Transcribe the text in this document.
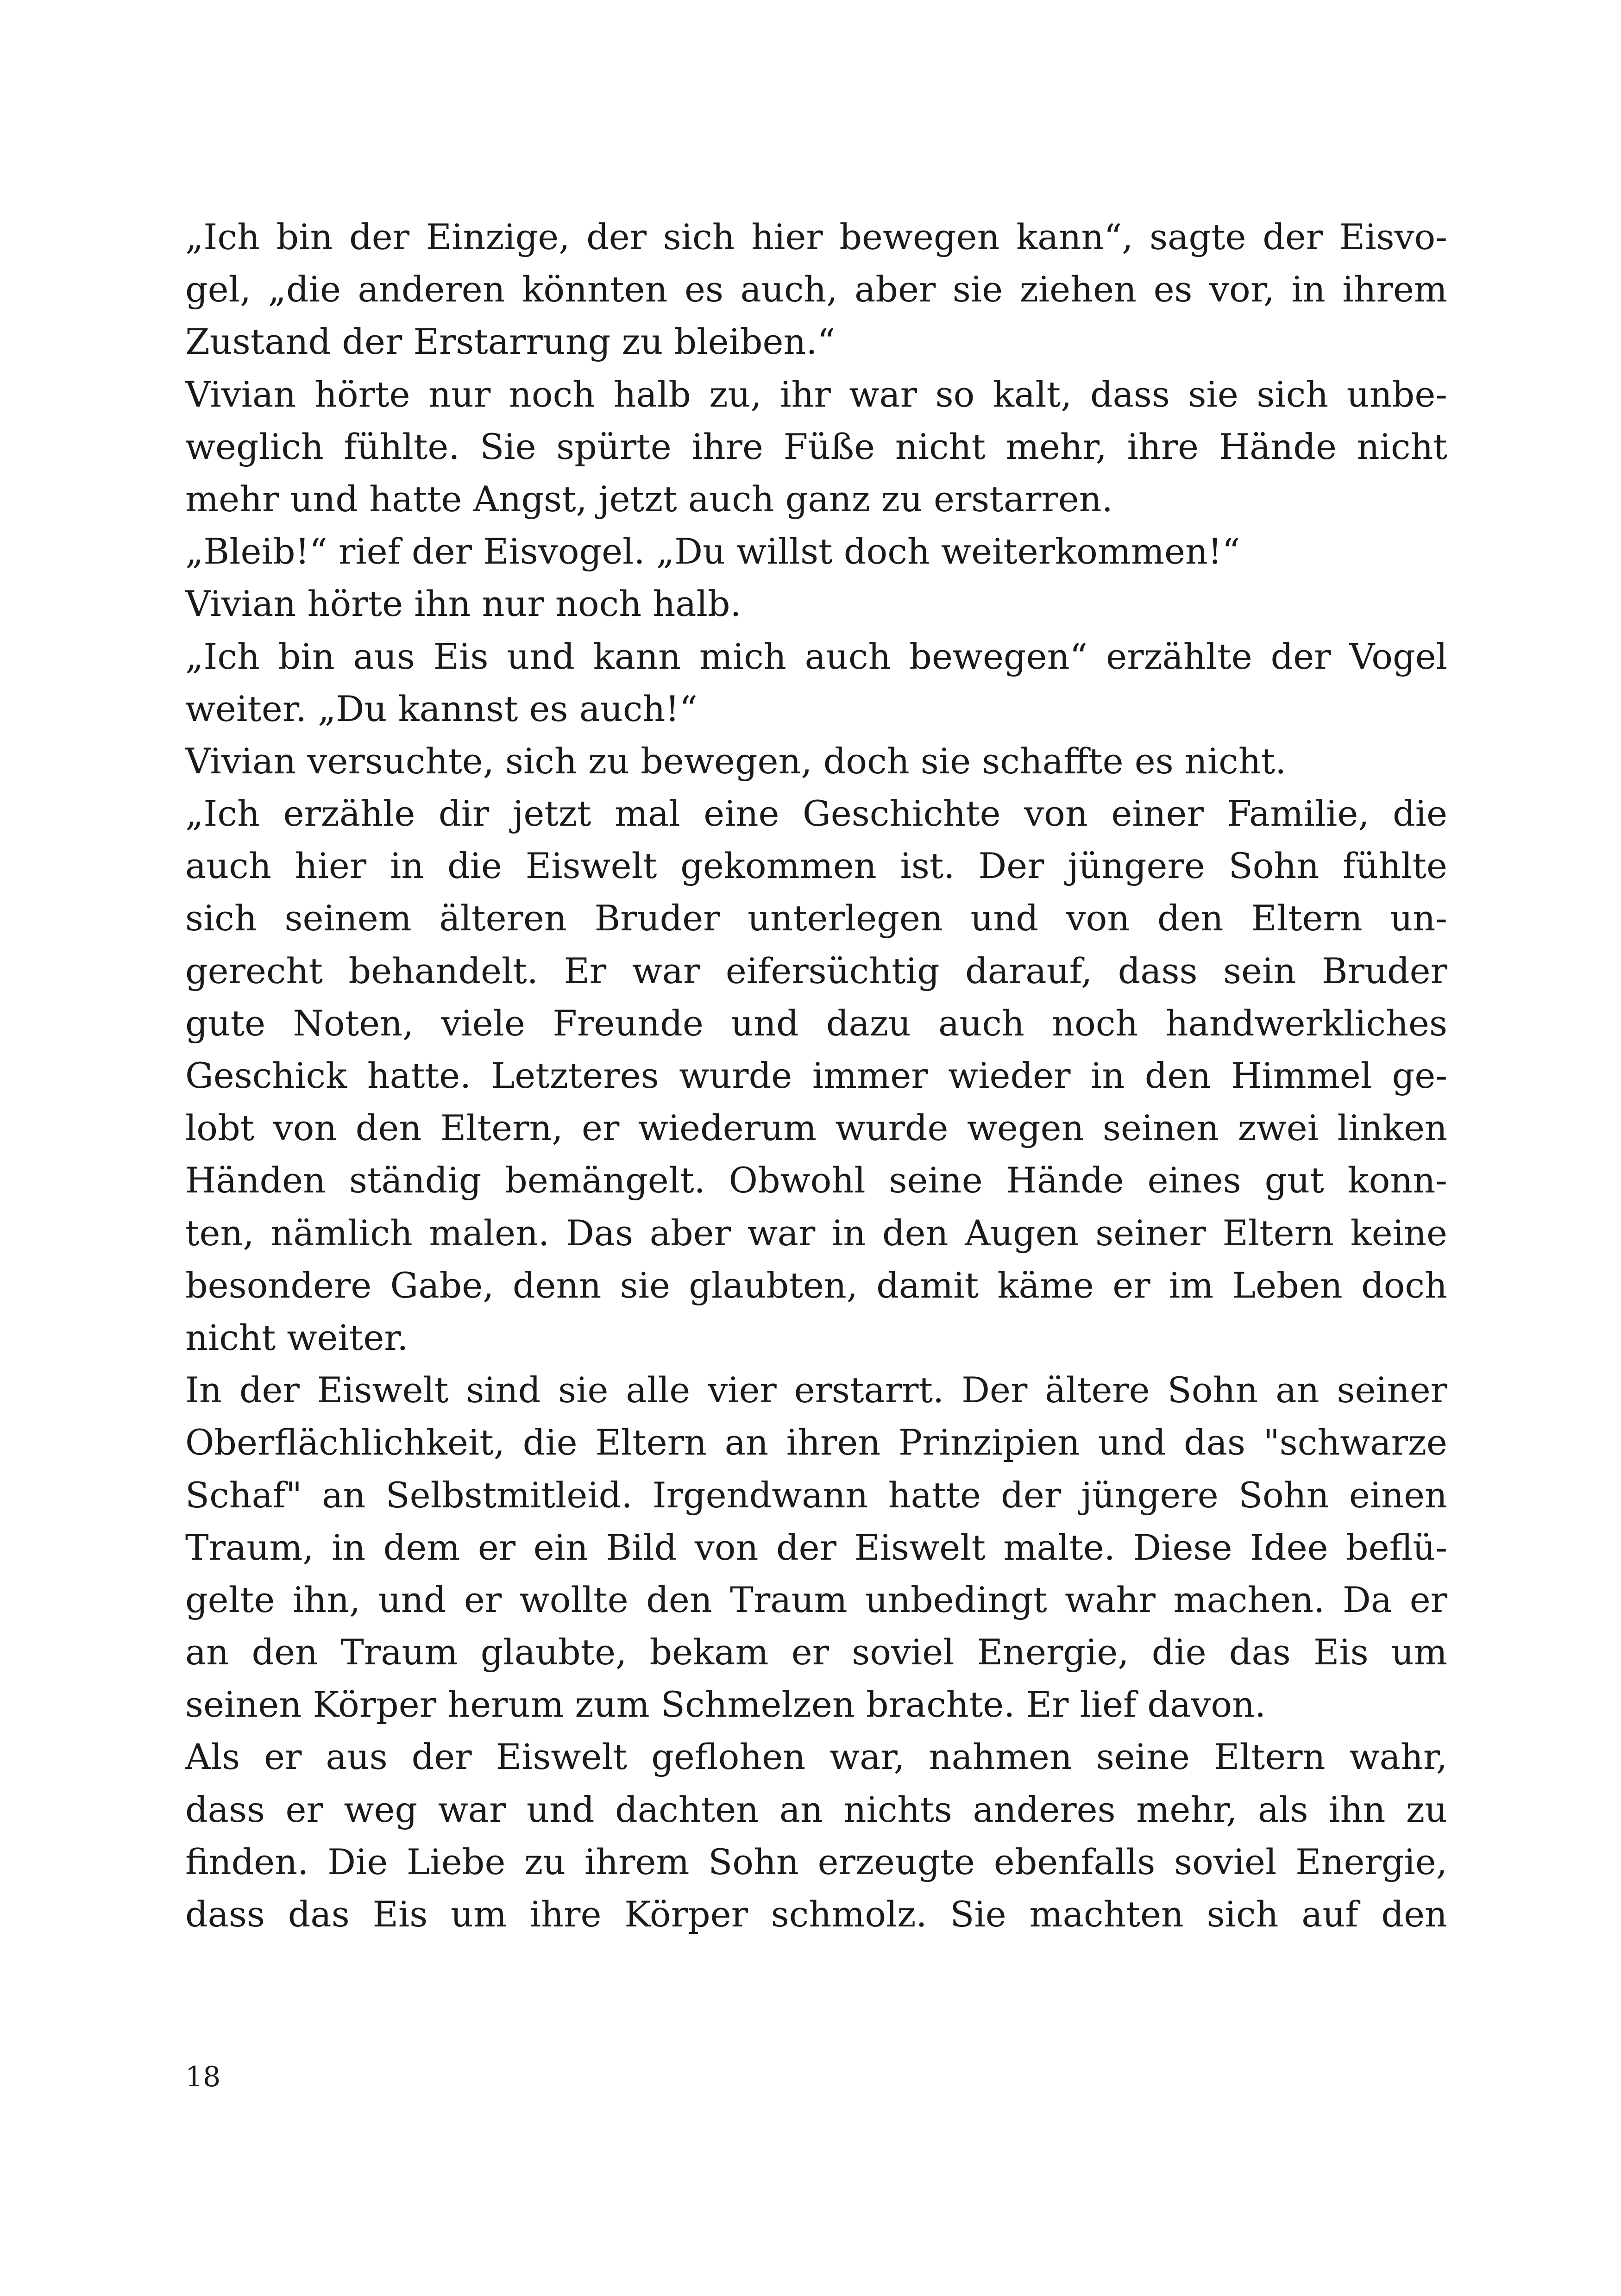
„Ich bin der Einzige, der sich hier bewegen kann“, sagte der Eisvo-
gel, „die anderen könnten es auch, aber sie ziehen es vor, in ihrem
Zustand der Erstarrung zu bleiben.“
Vivian hörte nur noch halb zu, ihr war so kalt, dass sie sich unbe-
weglich fühlte. Sie spürte ihre Füße nicht mehr, ihre Hände nicht
mehr und hatte Angst, jetzt auch ganz zu erstarren.
„Bleib!“ rief der Eisvogel. „Du willst doch weiterkommen!“
Vivian hörte ihn nur noch halb.
„Ich bin aus Eis und kann mich auch bewegen“ erzählte der Vogel
weiter. „Du kannst es auch!“
Vivian versuchte, sich zu bewegen, doch sie schaffte es nicht.
„Ich erzähle dir jetzt mal eine Geschichte von einer Familie, die
auch hier in die Eiswelt gekommen ist. Der jüngere Sohn fühlte
sich seinem älteren Bruder unterlegen und von den Eltern un-
gerecht behandelt. Er war eifersüchtig darauf, dass sein Bruder
gute Noten, viele Freunde und dazu auch noch handwerkliches
Geschick hatte. Letzteres wurde immer wieder in den Himmel ge-
lobt von den Eltern, er wiederum wurde wegen seinen zwei linken
Händen ständig bemängelt. Obwohl seine Hände eines gut konn-
ten, nämlich malen. Das aber war in den Augen seiner Eltern keine
besondere Gabe, denn sie glaubten, damit käme er im Leben doch
nicht weiter.
In der Eiswelt sind sie alle vier erstarrt. Der ältere Sohn an seiner
Oberflächlichkeit, die Eltern an ihren Prinzipien und das "schwarze
Schaf" an Selbstmitleid. Irgendwann hatte der jüngere Sohn einen
Traum, in dem er ein Bild von der Eiswelt malte. Diese Idee beflü-
gelte ihn, und er wollte den Traum unbedingt wahr machen. Da er
an den Traum glaubte, bekam er soviel Energie, die das Eis um
seinen Körper herum zum Schmelzen brachte. Er lief davon.
Als er aus der Eiswelt geflohen war, nahmen seine Eltern wahr,
dass er weg war und dachten an nichts anderes mehr, als ihn zu
finden. Die Liebe zu ihrem Sohn erzeugte ebenfalls soviel Energie,
dass das Eis um ihre Körper schmolz. Sie machten sich auf den
18
